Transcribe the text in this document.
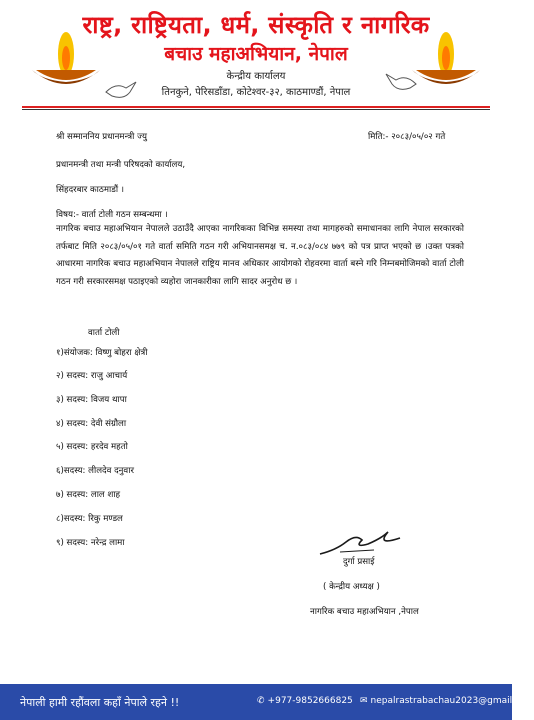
राष्ट्र, राष्ट्रियता, धर्म, संस्कृति र नागरिक
बचाउ महाअभियान, नेपाल
केन्द्रीय कार्यालय
तिनकुने, पेरिसडाँडा, कोटेश्वर-३२, काठमाण्डौं, नेपाल
श्री सम्माननिय प्रधानमन्त्री ज्यु	मिति:- २०८३/०५/०२ गते
प्रधानमन्त्री तथा मन्त्री परिषदको कार्यालय,
सिंहदरबार काठमाडौं ।
विषय:- वार्ता टोली गठन सम्बन्धमा ।
नागरिक बचाउ महाअभियान नेपालले उठाउँदै आएका नागरिकका विभिन्न समस्या तथा मागहरुको समाधानका लागि नेपाल सरकारको तर्फबाट मिति २०८३/०५/०१ गते वार्ता समिति गठन गरी अभियानसमक्ष च. न.०८३/०८४ ७७९ को पत्र प्राप्त भएको छ ।उक्त पत्रको आधारमा नागरिक बचाउ महाअभियान नेपालले राष्ट्रिय मानव अधिकार आयोगको रोहवरमा वार्ता बस्ने गरि निम्नबमोजिमको वार्ता टोली गठन गरी सरकारसमक्ष पठाइएको व्यहोरा जानकारीका लागि सादर अनुरोध छ ।
वार्ता टोली
१)संयोजक: विष्णु बोहरा क्षेत्री
२) सदस्य: राजु आचार्य
३) सदस्य: विजय थापा
४) सदस्य: देवी संग्रौला
५) सदस्य: हरदेव महतो
६)सदस्य: लीलदेव दनुवार
७) सदस्य: लाल शाह
८)सदस्य: रिकु मण्डल
९) सदस्य: नरेन्द्र लामा
दुर्गा प्रसाई
( केन्द्रीय अध्यक्ष )
नागरिक बचाउ महाअभियान ,नेपाल
नेपाली हामी रहौंवला कहाँ नेपाले रहने !!	✆ +977-9852666825 ✉ nepalrastrabachau2023@gmail.com
